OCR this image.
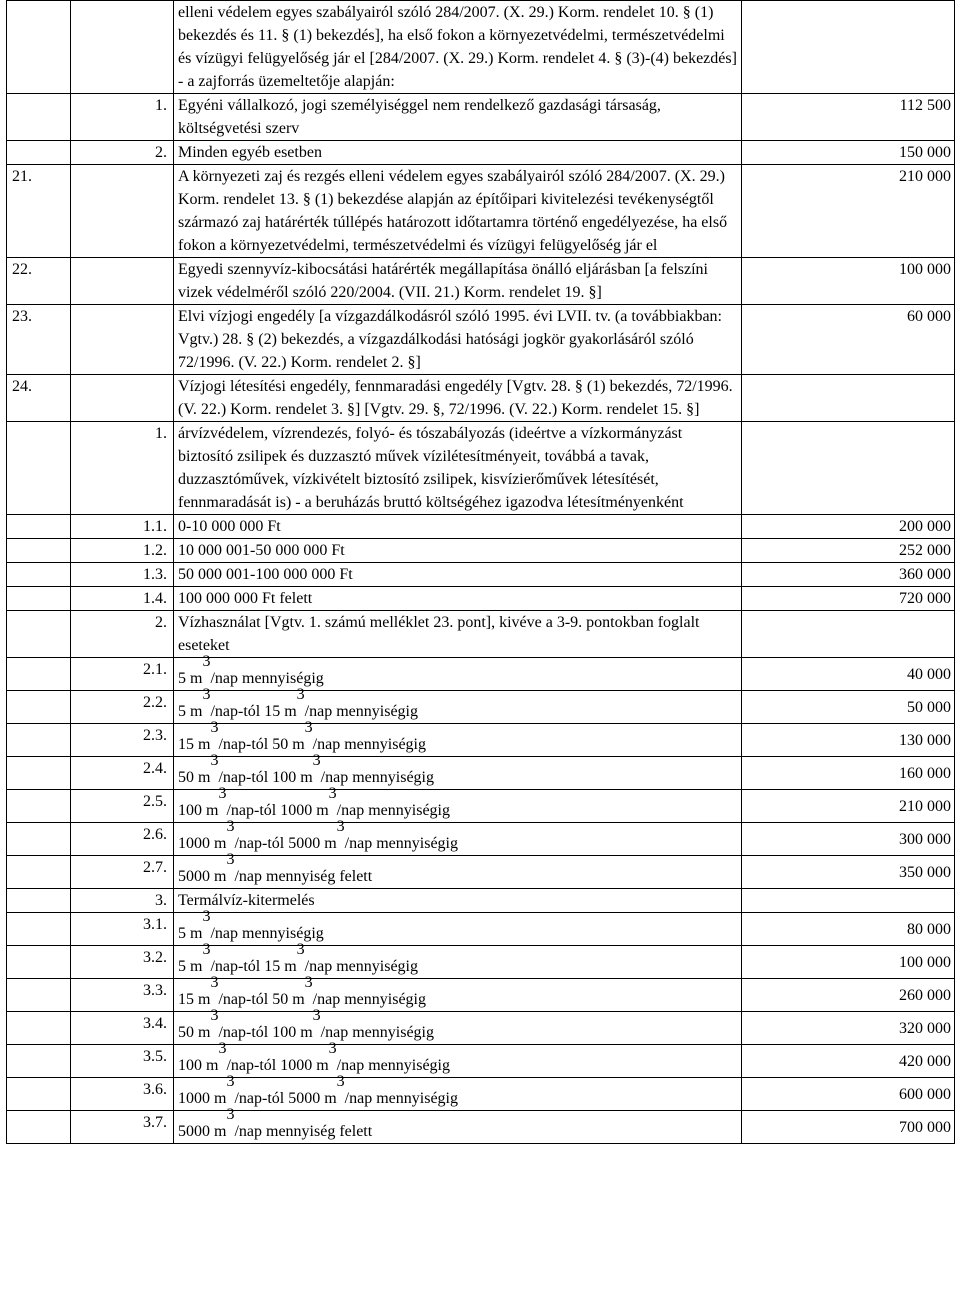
		elleni védelem egyes szabályairól szóló 284/2007. (X. 29.) Korm. rendelet 10. § (1) bekezdés és 11. § (1) bekezdés], ha első fokon a környezetvédelmi, természetvédelmi és vízügyi felügyelőség jár el [284/2007. (X. 29.) Korm. rendelet 4. § (3)-(4) bekezdés] - a zajforrás üzemeltetője alapján:	
	1.	Egyéni vállalkozó, jogi személyiséggel nem rendelkező gazdasági társaság, költségvetési szerv	112 500
	2.	Minden egyéb esetben	150 000
21.		A környezeti zaj és rezgés elleni védelem egyes szabályairól szóló 284/2007. (X. 29.) Korm. rendelet 13. § (1) bekezdése alapján az építőipari kivitelezési tevékenységtől származó zaj határérték túllépés határozott időtartamra történő engedélyezése, ha első fokon a környezetvédelmi, természetvédelmi és vízügyi felügyelőség jár el	210 000
22.		Egyedi szennyvíz-kibocsátási határérték megállapítása önálló eljárásban [a felszíni vizek védelméről szóló 220/2004. (VII. 21.) Korm. rendelet 19. §]	100 000
23.		Elvi vízjogi engedély [a vízgazdálkodásról szóló 1995. évi LVII. tv. (a továbbiakban: Vgtv.) 28. § (2) bekezdés, a vízgazdálkodási hatósági jogkör gyakorlásáról szóló 72/1996. (V. 22.) Korm. rendelet 2. §]	60 000
24.		Vízjogi létesítési engedély, fennmaradási engedély [Vgtv. 28. § (1) bekezdés, 72/1996. (V. 22.) Korm. rendelet 3. §] [Vgtv. 29. §, 72/1996. (V. 22.) Korm. rendelet 15. §]	
	1.	árvízvédelem, vízrendezés, folyó- és tószabályozás (ideértve a vízkormányzást biztosító zsilipek és duzzasztó művek vízilétesítményeit, továbbá a tavak, duzzasztóművek, vízkivételt biztosító zsilipek, kisvízierőművek létesítését, fennmaradását is) - a beruházás bruttó költségéhez igazodva létesítményenként	
	1.1.	0-10 000 000 Ft	200 000
	1.2.	10 000 001-50 000 000 Ft	252 000
	1.3.	50 000 001-100 000 000 Ft	360 000
	1.4.	100 000 000 Ft felett	720 000
	2.	Vízhasználat [Vgtv. 1. számú melléklet 23. pont], kivéve a 3-9. pontokban foglalt eseteket	
	2.1.	5 $m^3$/nap mennyiségig	40 000
	2.2.	5 $m^3/nap$-tól 15 $m^3$/nap mennyiségig	50 000
	2.3.	15 $m^3/nap$-tól 50 $m^3$/nap mennyiségig	130 000
	2.4.	50 $m^3/nap$-tól 100 $m^3$/nap mennyiségig	160 000
	2.5.	100 $m^3/nap$-tól 1000 $m^3$/nap mennyiségig	210 000
	2.6.	1000 $m^3/nap$-tól 5000 $m^3$/nap mennyiségig	300 000
	2.7.	5000 $m^3$/nap mennyiség felett	350 000
	3.	Termálvíz-kitermelés	
	3.1.	5 $m^3$/nap mennyiségig	80 000
	3.2.	5 $m^3/nap$-tól 15 $m^3$/nap mennyiségig	100 000
	3.3.	15 $m^3/nap$-tól 50 $m^3$/nap mennyiségig	260 000
	3.4.	50 $m^3/nap$-tól 100 $m^3$/nap mennyiségig	320 000
	3.5.	100 $m^3/nap$-tól 1000 $m^3$/nap mennyiségig	420 000
	3.6.	1000 $m^3/nap$-tól 5000 $m^3$/nap mennyiségig	600 000
	3.7.	5000 $m^3$/nap mennyiség felett	700 000
